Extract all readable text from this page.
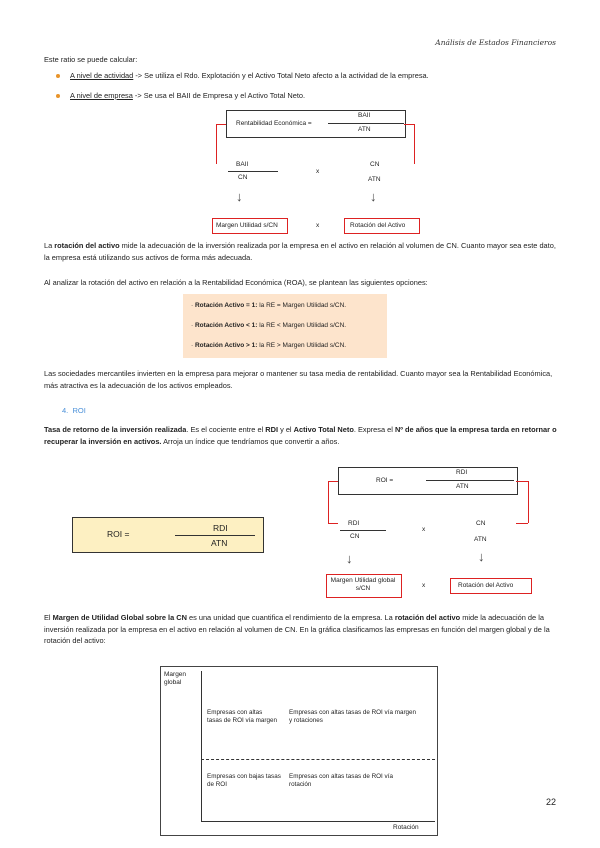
Análisis de Estados Financieros
Este ratio se puede calcular:
A nivel de actividad -> Se utiliza el Rdo. Explotación y el Activo Total Neto afecto a la actividad de la empresa.
A nivel de empresa -> Se usa el BAII de Empresa y el Activo Total Neto.
Rentabilidad Económica =
BAII
ATN
BAII
CN
x
CN
ATN
↓	↓
Margen Utilidad s/CN	x	Rotación del Activo
La rotación del activo mide la adecuación de la inversión realizada por la empresa en el activo en relación al volumen de CN. Cuanto mayor sea este dato, la empresa está utilizando sus activos de forma más adecuada.
Al analizar la rotación del activo en relación a la Rentabilidad Económica (ROA), se plantean las siguientes opciones:
· Rotación Activo = 1: la RE = Margen Utilidad s/CN.
· Rotación Activo < 1: la RE < Margen Utilidad s/CN.
· Rotación Activo > 1: la RE > Margen Utilidad s/CN.
Las sociedades mercantiles invierten en la empresa para mejorar o mantener su tasa media de rentabilidad. Cuanto mayor sea la Rentabilidad Económica, más atractiva es la adecuación de los activos empleados.
4. ROI
Tasa de retorno de la inversión realizada. Es el cociente entre el RDI y el Activo Total Neto. Expresa el Nº de años que la empresa tarda en retornar o recuperar la inversión en activos. Arroja un índice que tendríamos que convertir a años.
ROI =
RDI
ATN
ROI =
RDI
ATN
RDI
CN
x
CN
ATN
↓	↓
Margen Utilidad global s/CN	x	Rotación del Activo
El Margen de Utilidad Global sobre la CN es una unidad que cuantifica el rendimiento de la empresa. La rotación del activo mide la adecuación de la inversión realizada por la empresa en el activo en relación al volumen de CN. En la gráfica clasificamos las empresas en función del margen global y de la rotación del activo:
Margen global
Rotación
Empresas con altas tasas de ROI vía margen
Empresas con altas tasas de ROI vía margen y rotaciones
Empresas con bajas tasas de ROI
Empresas con altas tasas de ROI vía rotación
22
